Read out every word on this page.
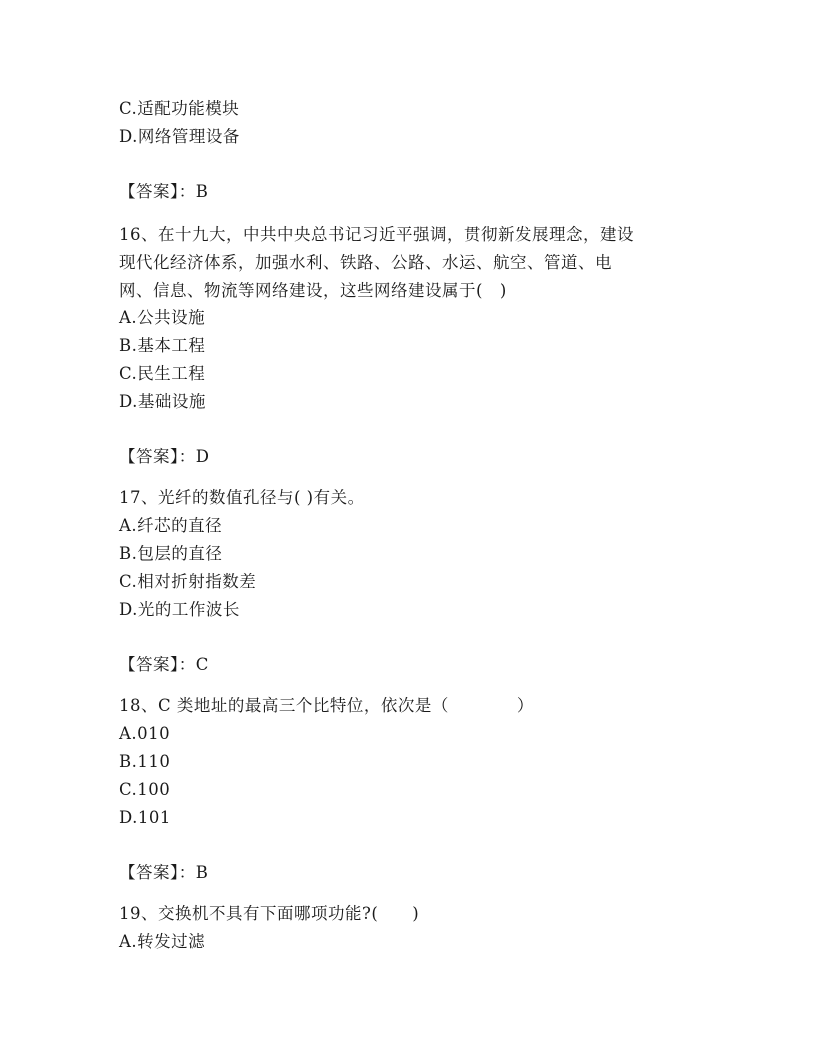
C.适配功能模块
D.网络管理设备
【答案】：B
16、在十九大，中共中央总书记习近平强调，贯彻新发展理念，建设
现代化经济体系，加强水利、铁路、公路、水运、航空、管道、电
网、信息、物流等网络建设，这些网络建设属于(　)
A.公共设施
B.基本工程
C.民生工程
D.基础设施
【答案】：D
17、光纤的数值孔径与( )有关。
A.纤芯的直径
B.包层的直径
C.相对折射指数差
D.光的工作波长
【答案】：C
18、C 类地址的最高三个比特位，依次是（　　　　）
A.010
B.110
C.100
D.101
【答案】：B
19、交换机不具有下面哪项功能?(　　)
A.转发过滤
